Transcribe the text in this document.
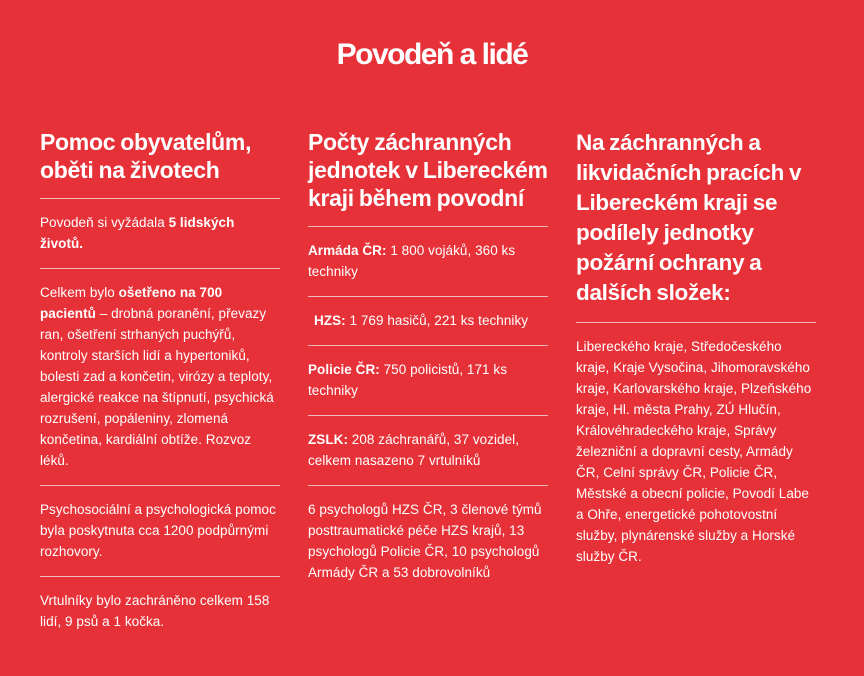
Povodeň a lidé
Pomoc obyvatelům, oběti na životech

Povodeň si vyžádala 5 lidských životů.

Celkem bylo ošetřeno na 700 pacientů – drobná poranění, převazy ran, ošetření strhaných puchýřů, kontroly starších lidí a hypertoniků, bolesti zad a končetin, virózy a teploty, alergické reakce na štípnutí, psychická rozrušení, popáleniny, zlomená končetina, kardiální obtíže. Rozvoz léků.

Psychosociální a psychologická pomoc byla poskytnuta cca 1200 podpůrnými rozhovory.

Vrtulníky bylo zachráněno celkem 158 lidí, 9 psů a 1 kočka.

Počty záchranných jednotek v Libereckém kraji během povodní

Armáda ČR: 1 800 vojáků, 360 ks techniky

HZS: 1 769 hasičů, 221 ks techniky

Policie ČR: 750 policistů, 171 ks techniky

ZSLK: 208 záchranářů, 37 vozidel, celkem nasazeno 7 vrtulníků

6 psychologů HZS ČR, 3 členové týmů posttraumatické péče HZS krajů, 13 psychologů Policie ČR, 10 psychologů Armády ČR a 53 dobrovolníků

Na záchranných a likvidačních pracích v Libereckém kraji se podílely jednotky požární ochrany a dalších složek:

Libereckého kraje, Středočeského kraje, Kraje Vysočina, Jihomoravského kraje, Karlovarského kraje, Plzeňského kraje, Hl. města Prahy, ZÚ Hlučín, Královéhradeckého kraje, Správy železniční a dopravní cesty, Armády ČR, Celní správy ČR, Policie ČR, Městské a obecní policie, Povodí Labe a Ohře, energetické pohotovostní služby, plynárenské služby a Horské služby ČR.
